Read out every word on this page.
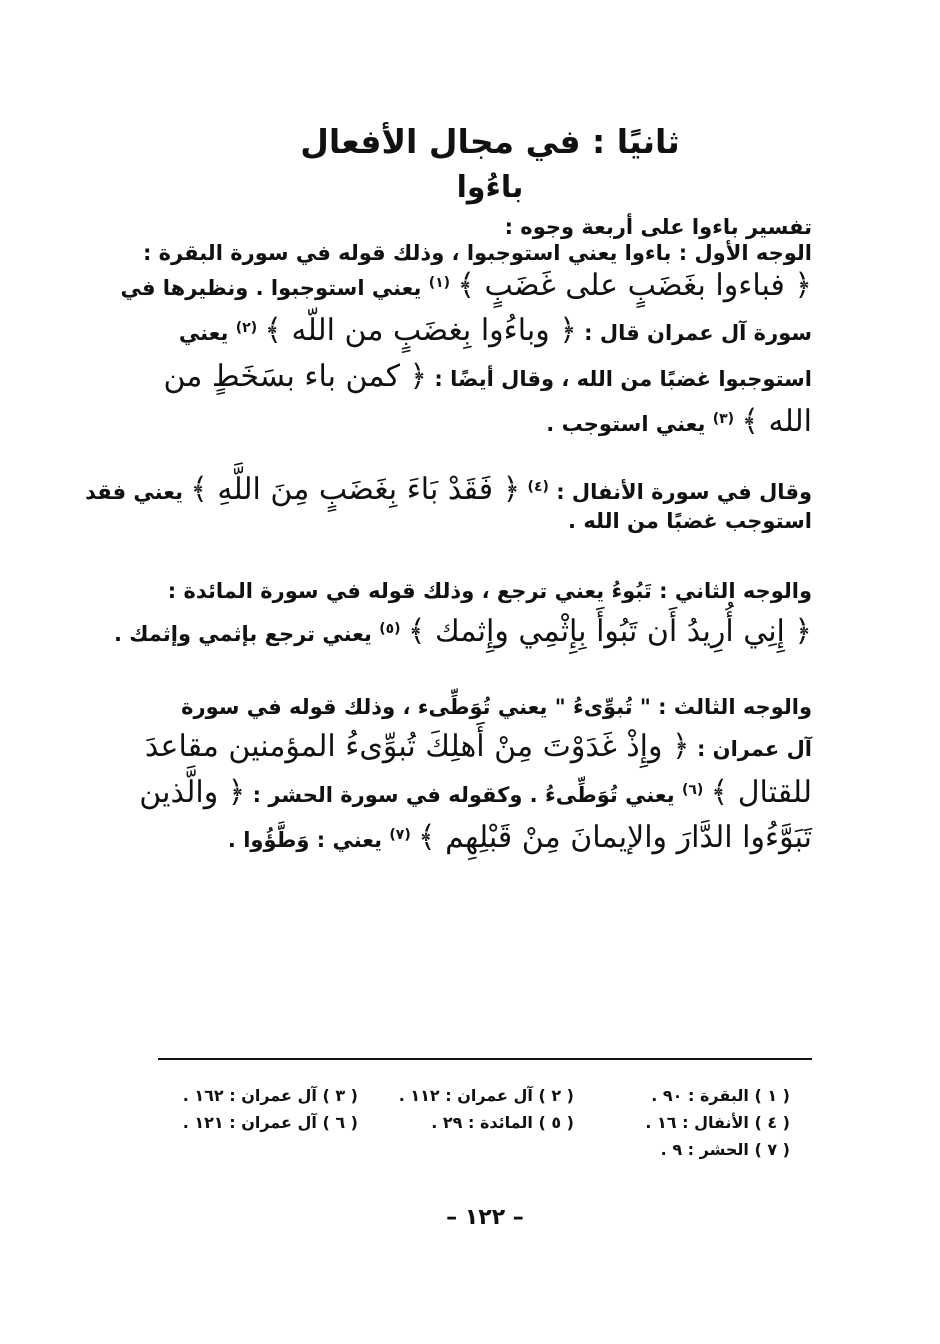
ثانيًا : في مجال الأفعال
باءُوا

تفسير باءوا على أربعة وجوه :

الوجه الأول : باءوا يعني استوجبوا ، وذلك قوله في سورة البقرة :

﴿ فباءوا بغَضَبٍ على غَضَبٍ ﴾ $^{(١)}$ يعني استوجبوا . ونظيرها في

سورة آل عمران قال : ﴿ وباءُوا بِغضَبٍ من اللّه ﴾ $^{(٢)}$ يعني

استوجبوا غضبًا من الله ، وقال أيضًا : ﴿ كمن باء بسَخَطٍ من

الله ﴾ $^{(٣)}$ يعني استوجب .

وقال في سورة الأنفال : $^{(٤)}$ ﴿ فَقَدْ بَاءَ بِغَضَبٍ مِنَ اللَّهِ ﴾ يعني فقد

استوجب غضبًا من الله .

والوجه الثاني : تَبُوءُ يعني ترجع ، وذلك قوله في سورة المائدة :

﴿ إِنِي أُرِيدُ أَن تَبُوأَ بِإِثْمِي وإِثمك ﴾ $^{(٥)}$ يعني ترجع بإثمي وإثمك .

والوجه الثالث : " تُبوِّىءُ " يعني تُوَطِّىء ، وذلك قوله في سورة

آل عمران : ﴿ وإِذْ غَدَوْتَ مِنْ أَهلِكَ تُبوِّىءُ المؤمنين مقاعدَ

للقتال ﴾ $^{(٦)}$ يعني تُوَطِّىءُ . وكقوله في سورة الحشر : ﴿ والَّذين

تَبَوَّءُوا الدَّارَ والإيمانَ مِنْ قَبْلِهِم ﴾ $^{(٧)}$ يعني : وَطَّؤُوا .

( ١ ) البقرة : ٩٠ .
( ٢ ) آل عمران : ١١٢ .
( ٣ ) آل عمران : ١٦٢ .
( ٤ ) الأنفال : ١٦ .
( ٥ ) المائدة : ٢٩ .
( ٦ ) آل عمران : ١٢١ .
( ٧ ) الحشر : ٩ .
– ١٢٢ –
